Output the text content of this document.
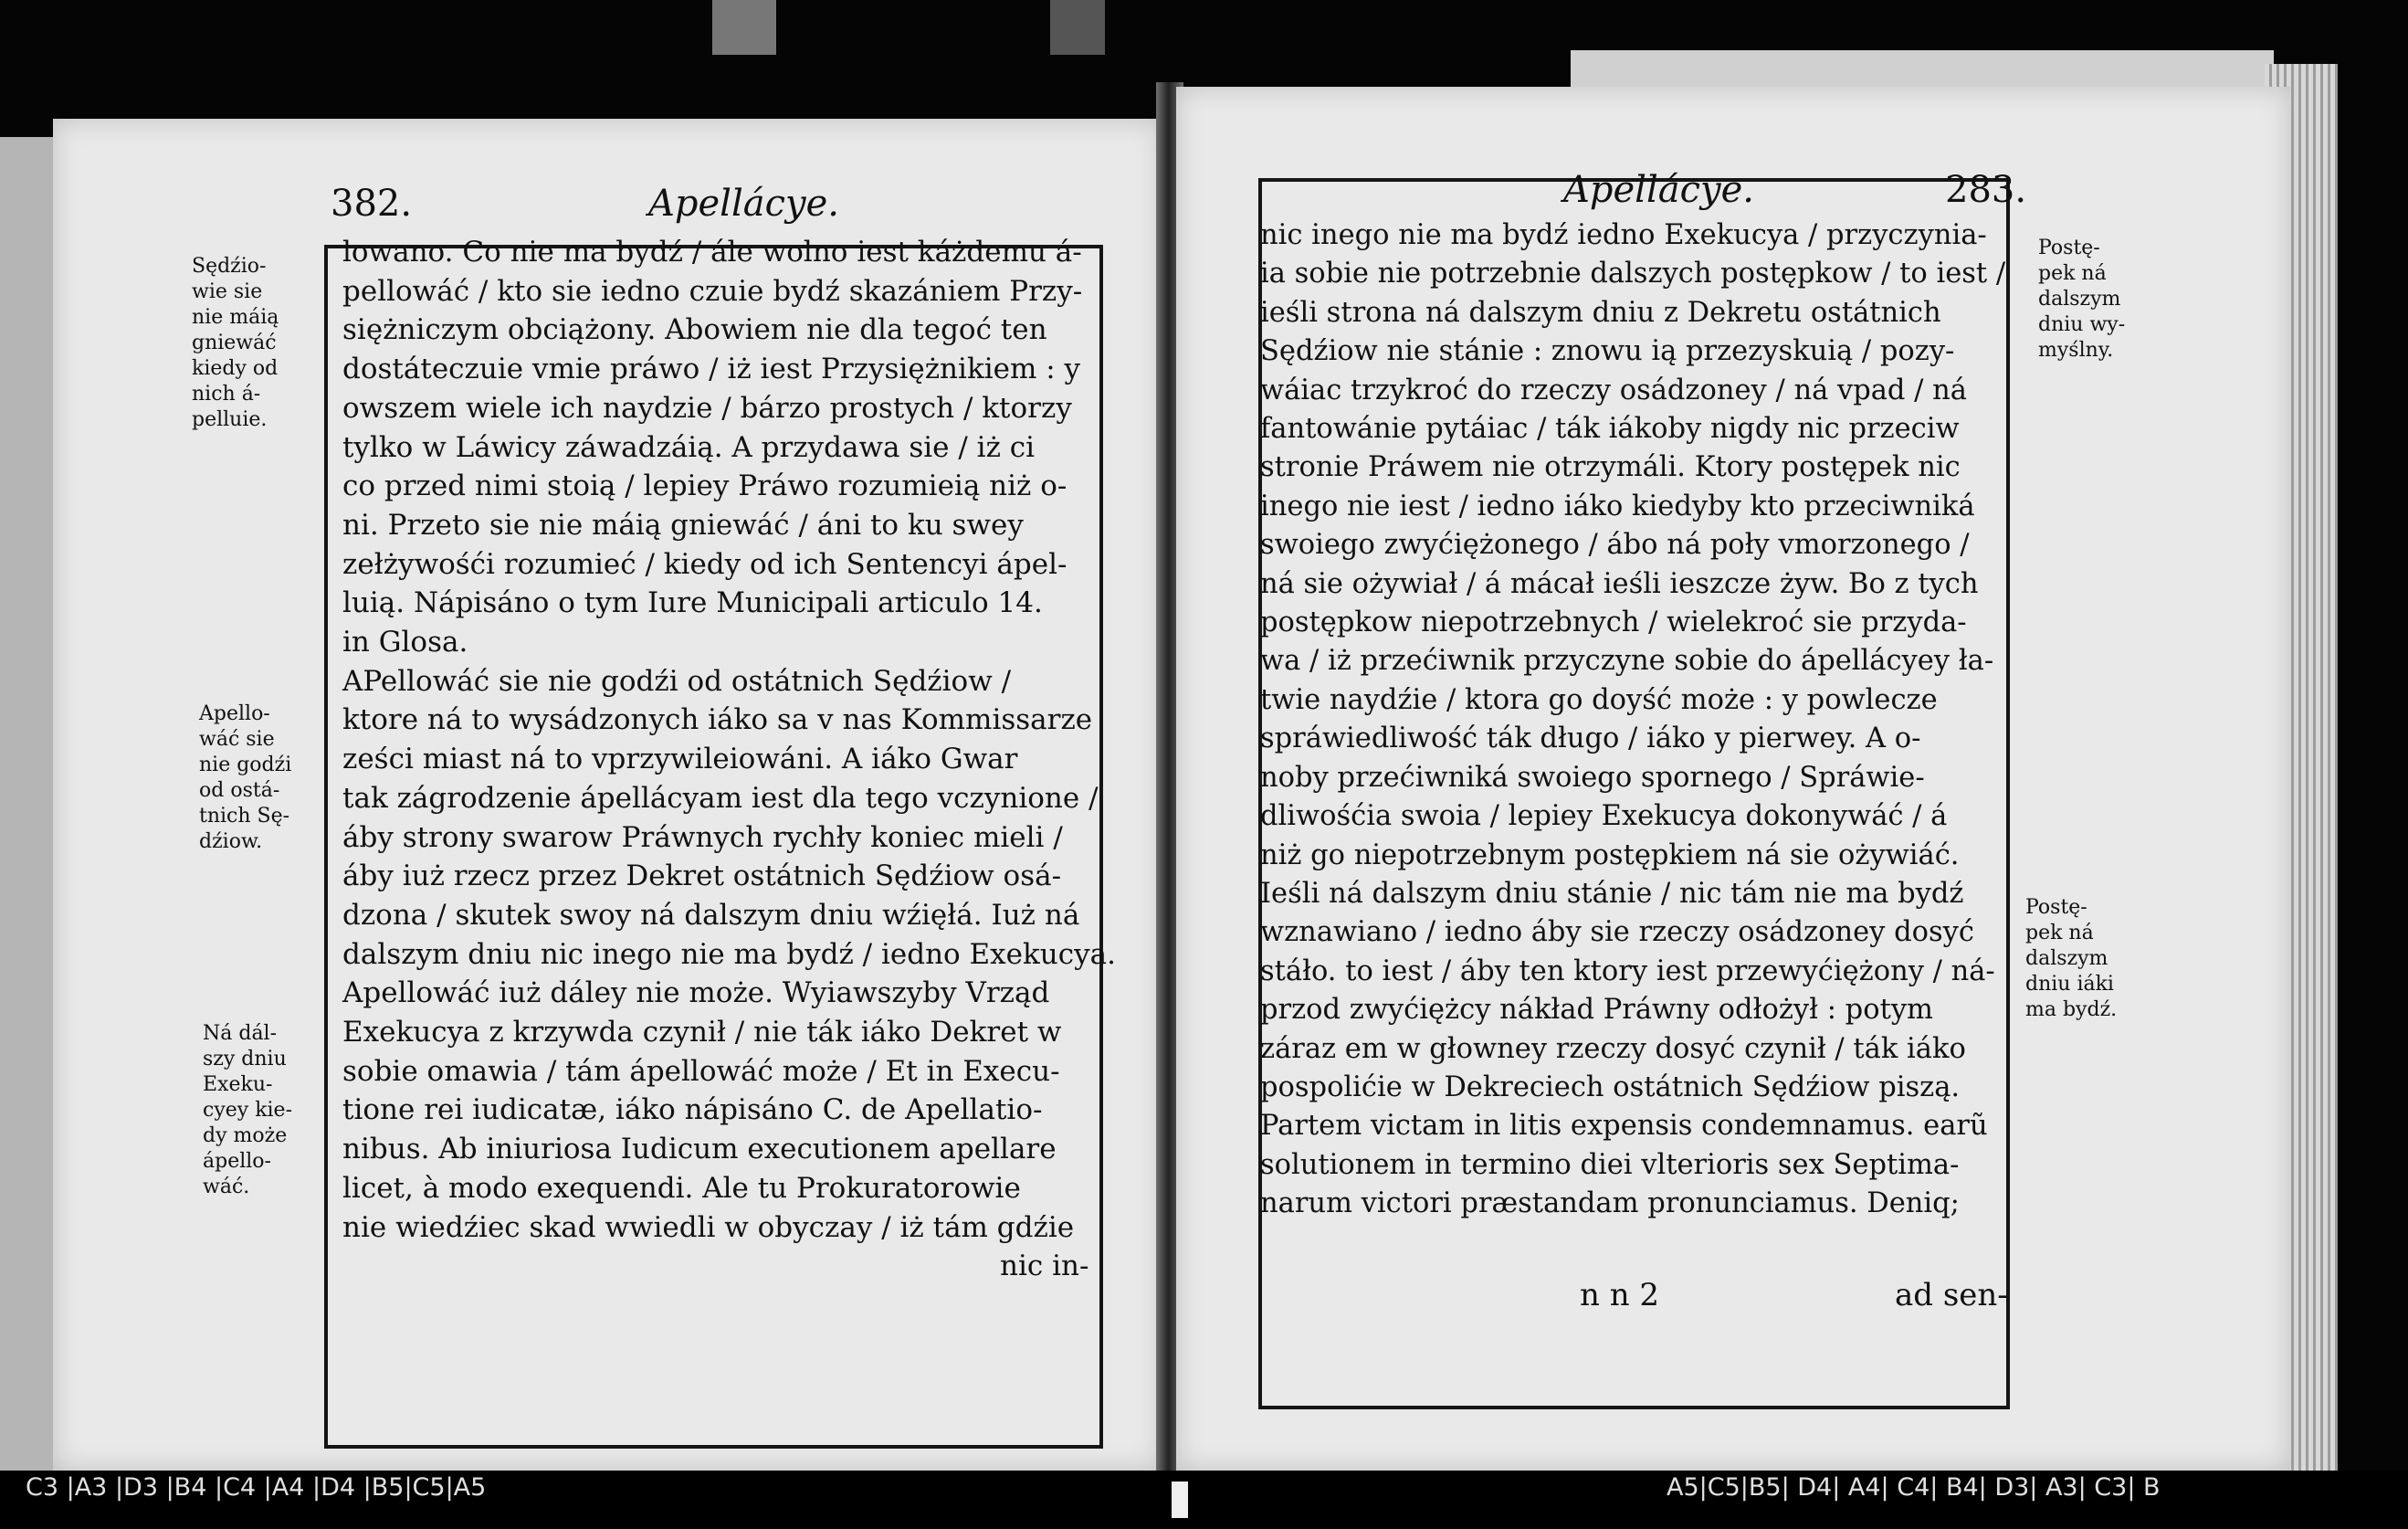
382.	Apellácye.
lowano. Co nie ma bydź / ále wolno iest káżdemu á-
pellowáć / kto sie iedno czuie bydź skazániem Przy-
siężniczym obciążony. Abowiem nie dla tegoć ten
dostáteczuie vmie práwo / iż iest Przysiężnikiem : y
owszem wiele ich naydzie / bárzo prostych / ktorzy
tylko w Láwicy záwadzáią. A przydawa sie / iż ci
co przed nimi stoią / lepiey Práwo rozumieią niż o-
ni. Przeto sie nie máią gniewáć / áni to ku swey
zełżywośći rozumieć / kiedy od ich Sentencyi ápel-
luią. Nápisáno o tym Iure Municipali articulo 14.
in Glosa.
APellowáć sie nie godźi od ostátnich Sędźiow /
ktore ná to wysádzonych iáko sa v nas Kommissarze
ześci miast ná to vprzywileiowáni. A iáko Gwar
tak zágrodzenie ápellácyam iest dla tego vczynione /
áby strony swarow Práwnych rychły koniec mieli /
áby iuż rzecz przez Dekret ostátnich Sędźiow osá-
dzona / skutek swoy ná dalszym dniu wźięłá. Iuż ná
dalszym dniu nic inego nie ma bydź / iedno Exekucya.
Apellowáć iuż dáley nie może. Wyiawszyby Vrząd
Exekucya z krzywda czynił / nie ták iáko Dekret w
sobie omawia / tám ápellowáć może / Et in Execu-
tione rei iudicatæ, iáko nápisáno C. de Apellatio-
nibus. Ab iniuriosa Iudicum executionem apellare
licet, à modo exequendi. Ale tu Prokuratorowie
nie wiedźiec skad wwiedli w obyczay / iż tám gdźie
nic in-
Sędźio-
wie sie
nie máią
gniewáć
kiedy od
nich á-
pelluie.
Apello-
wáć sie
nie godźi
od ostá-
tnich Sę-
dźiow.
Ná dál-
szy dniu
Exeku-
cyey kie-
dy może
ápello-
wáć.
Apellácye.	283.
nic inego nie ma bydź iedno Exekucya / przyczynia-
ia sobie nie potrzebnie dalszych postępkow / to iest /
ieśli strona ná dalszym dniu z Dekretu ostátnich
Sędźiow nie stánie : znowu ią przezyskuią / pozy-
wáiac trzykroć do rzeczy osádzoney / ná vpad / ná
fantowánie pytáiac / ták iákoby nigdy nic przeciw
stronie Práwem nie otrzymáli. Ktory postępek nic
inego nie iest / iedno iáko kiedyby kto przeciwniká
swoiego zwyćiężonego / ábo ná poły vmorzonego /
ná sie ożywiał / á mácał ieśli ieszcze żyw. Bo z tych
postępkow niepotrzebnych / wielekroć sie przyda-
wa / iż przećiwnik przyczyne sobie do ápellácyey ła-
twie naydźie / ktora go doyść może : y powlecze
spráwiedliwość ták długo / iáko y pierwey. A o-
noby przećiwniká swoiego spornego / Spráwie-
dliwośćia swoia / lepiey Exekucya dokonywáć / á
niż go niepotrzebnym postępkiem ná sie ożywiáć.
Ieśli ná dalszym dniu stánie / nic tám nie ma bydź
wznawiano / iedno áby sie rzeczy osádzoney dosyć
stáło. to iest / áby ten ktory iest przewyćiężony / ná-
przod zwyćiężcy nákład Práwny odłożył : potym
záraz em w głowney rzeczy dosyć czynił / ták iáko
pospolićie w Dekreciech ostátnich Sędźiow piszą.
Partem victam in litis expensis condemnamus. earũ
solutionem in termino diei vlterioris sex Septima-
narum victori præstandam pronunciamus. Deniq;
n n 2	ad sen-
Postę-
pek ná
dalszym
dniu wy-
myślny.
Postę-
pek ná
dalszym
dniu iáki
ma bydź.
C3 |A3 |D3 |B4 |C4 |A4 |D4 |B5|C5|A5	A5|C5|B5| D4| A4| C4| B4| D3| A3| C3| B
